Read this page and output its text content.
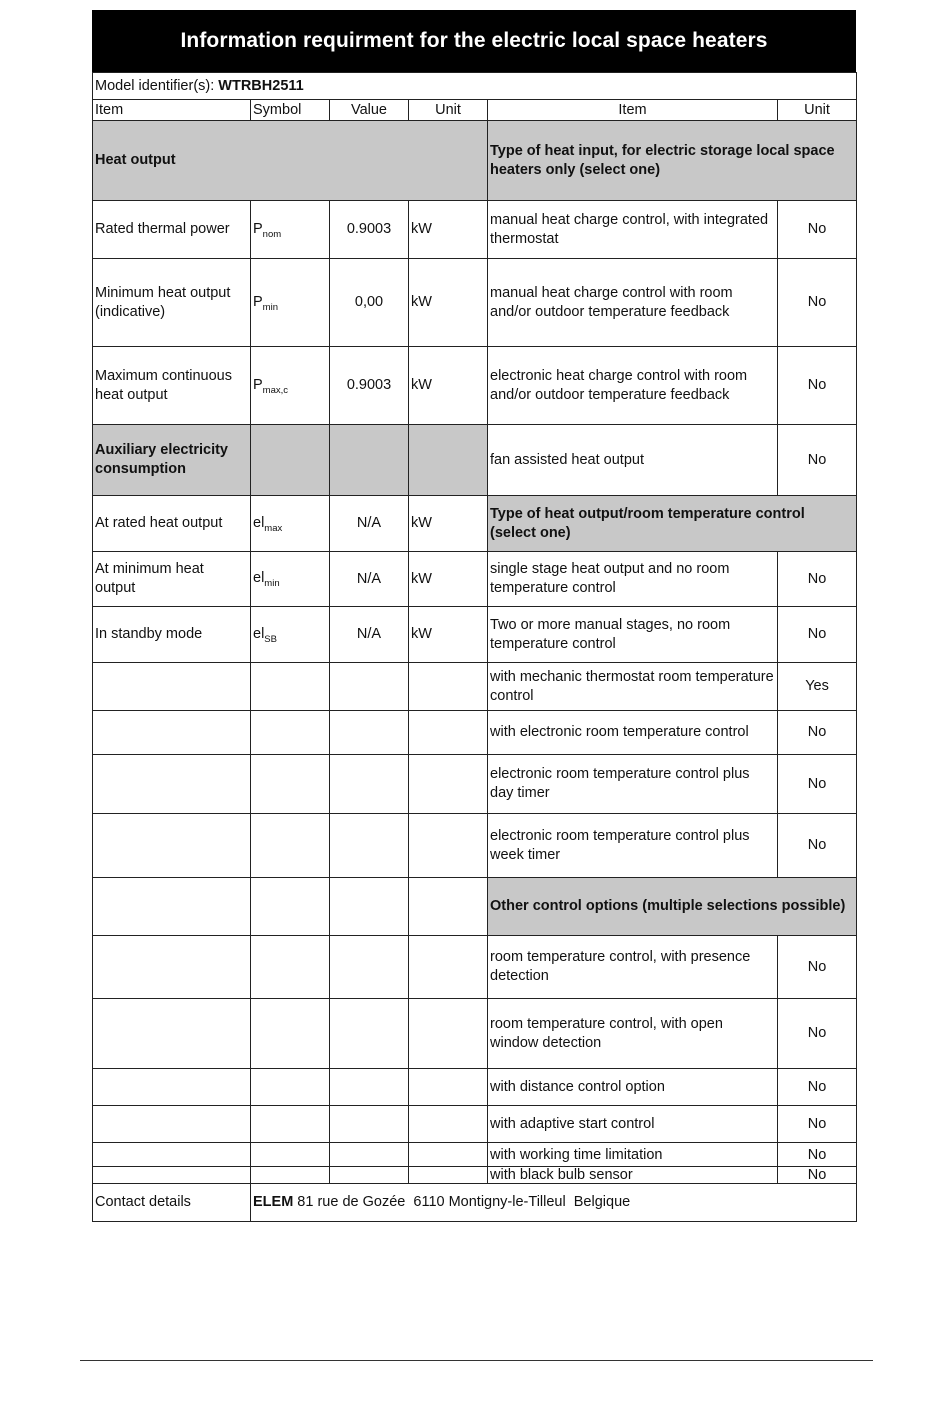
Information requirment for the electric local space heaters
Model identifier(s): WTRBH2511					
Item	Symbol	Value	Unit	Item	Unit
Heat output				Type of heat input, for electric storage local space heaters only (select one)	
Rated thermal power	$P_{nom}$	0.9003	kW	manual heat charge control, with integrated thermostat	No
Minimum heat output (indicative)	$P_{min}$	0,00	kW	manual heat charge control with room and/or outdoor temperature feedback	No
Maximum continuous heat output	$P_{max,c}$	0.9003	kW	electronic heat charge control with room and/or outdoor temperature feedback	No
Auxiliary electricity consumption				fan assisted heat output	No
At rated heat output	$el_{max}$	N/A	kW	Type of heat output/room temperature control (select one)	
At minimum heat output	$el_{min}$	N/A	kW	single stage heat output and no room temperature control	No
In standby mode	$el_{SB}$	N/A	kW	Two or more manual stages, no room temperature control	No
				with mechanic thermostat room temperature control	Yes
				with electronic room temperature control	No
				electronic room temperature control plus day timer	No
				electronic room temperature control plus week timer	No
				Other control options (multiple selections possible)	
				room temperature control, with presence detection	No
				room temperature control, with open window detection	No
				with distance control option	No
				with adaptive start control	No
				with working time limitation	No
				with black bulb sensor	No
Contact details	ELEM 81 rue de Gozée  6110 Montigny-le-Tilleul  Belgique				
